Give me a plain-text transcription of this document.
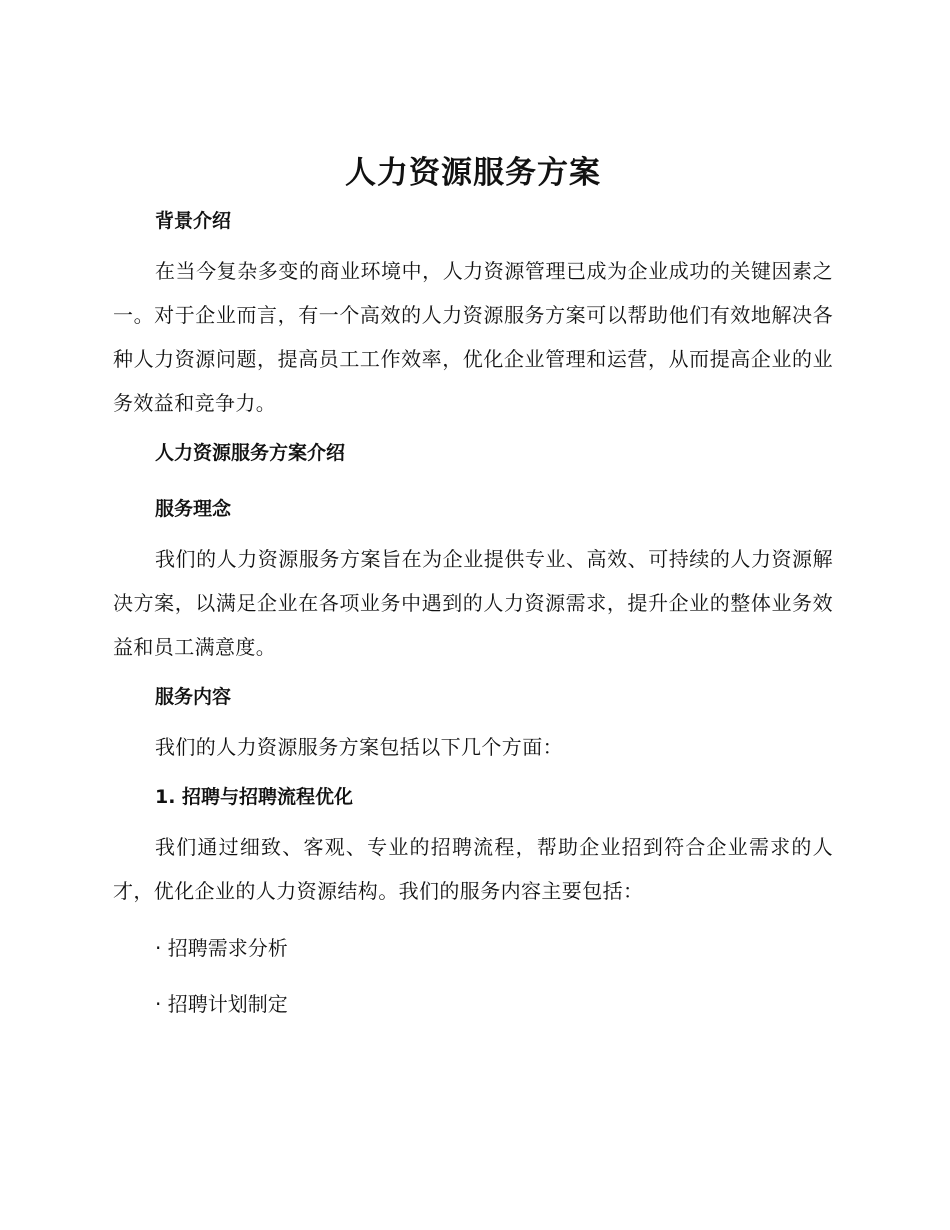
人力资源服务方案
背景介绍

在当今复杂多变的商业环境中，人力资源管理已成为企业成功的关键因素之一。对于企业而言，有一个高效的人力资源服务方案可以帮助他们有效地解决各种人力资源问题，提高员工工作效率，优化企业管理和运营，从而提高企业的业务效益和竞争力。

人力资源服务方案介绍
服务理念

我们的人力资源服务方案旨在为企业提供专业、高效、可持续的人力资源解决方案，以满足企业在各项业务中遇到的人力资源需求，提升企业的整体业务效益和员工满意度。

服务内容

我们的人力资源服务方案包括以下几个方面：

1. 招聘与招聘流程优化

我们通过细致、客观、专业的招聘流程，帮助企业招到符合企业需求的人才，优化企业的人力资源结构。我们的服务内容主要包括：

· 招聘需求分析

· 招聘计划制定
